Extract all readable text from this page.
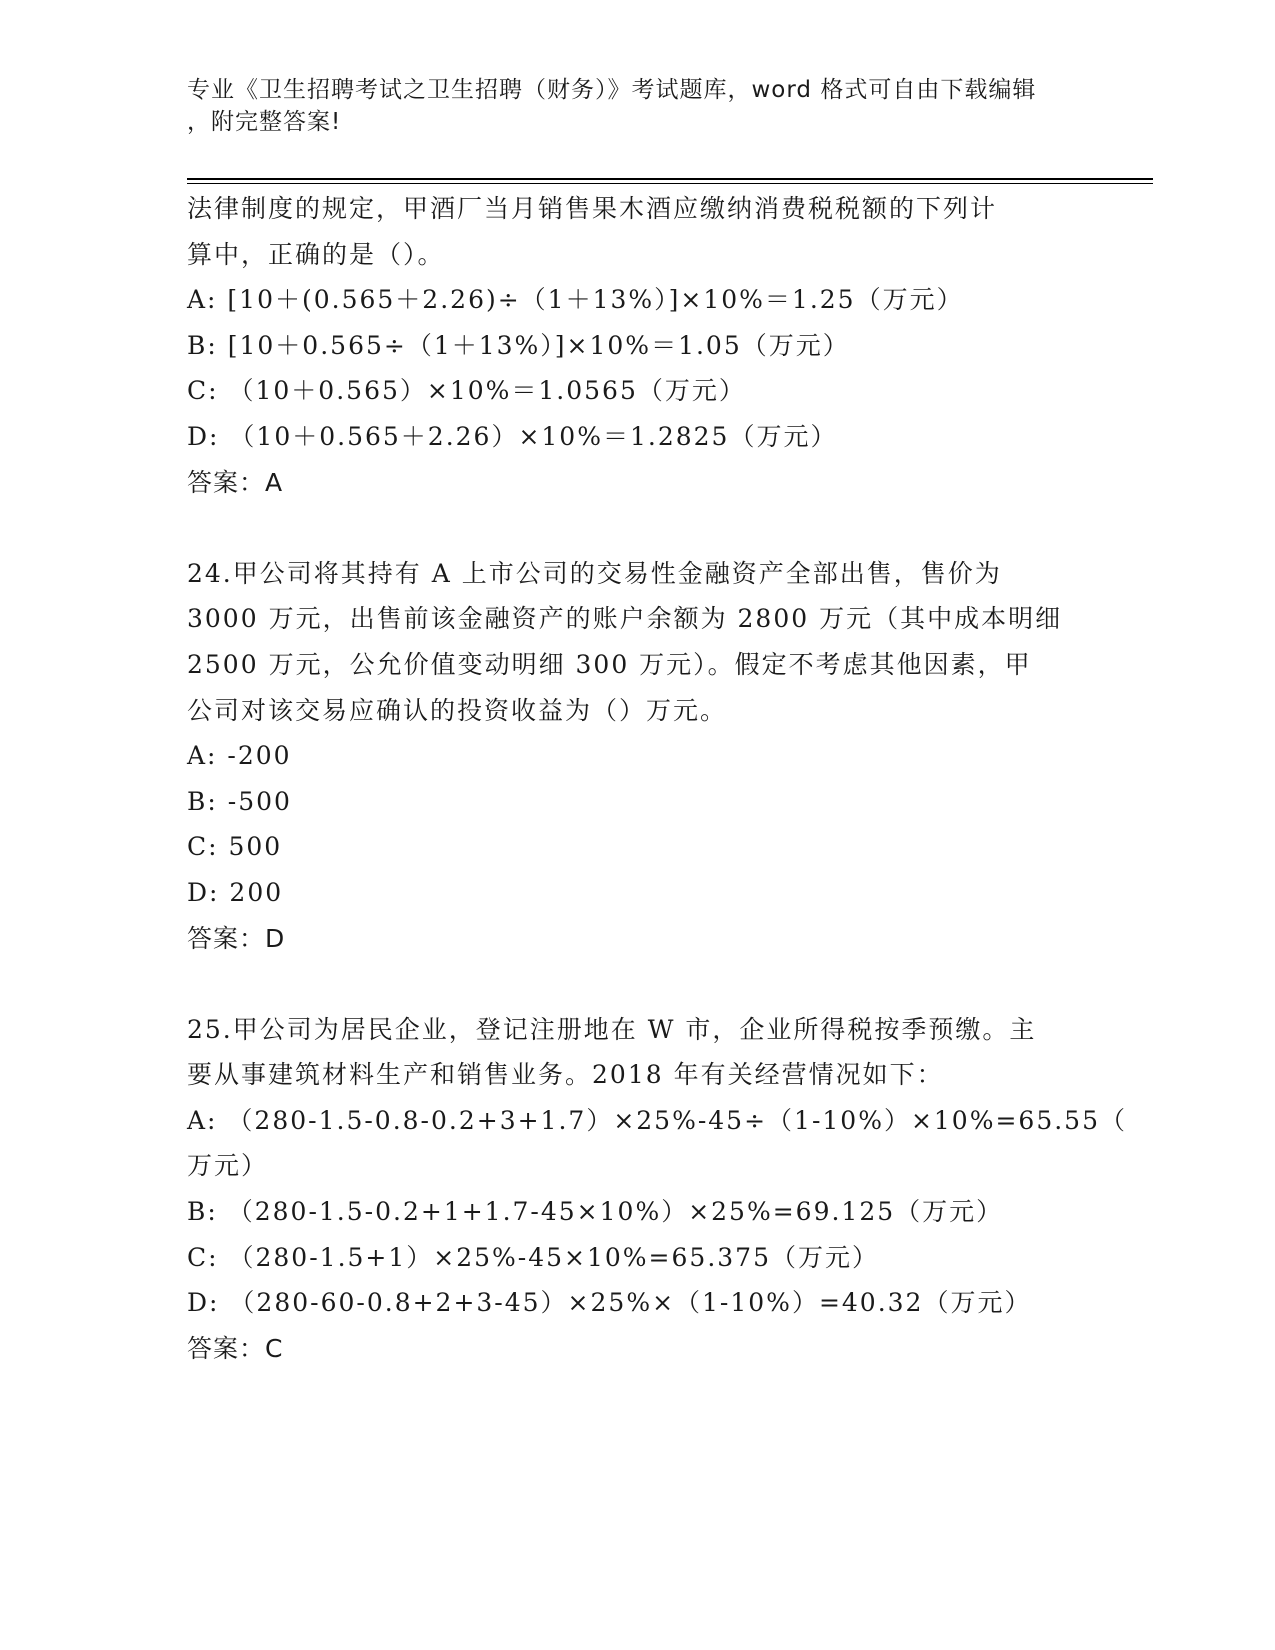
专业《卫生招聘考试之卫生招聘（财务）》考试题库，word 格式可自由下载编辑
，附完整答案!
法律制度的规定，甲酒厂当月销售果木酒应缴纳消费税税额的下列计
算中，正确的是（）。
A: [10＋(0.565＋2.26)÷（1＋13%）]×10%＝1.25（万元）
B: [10＋0.565÷（1＋13%）]×10%＝1.05（万元）
C: （10＋0.565）×10%＝1.0565（万元）
D: （10＋0.565＋2.26）×10%＝1.2825（万元）
答案：A
24.甲公司将其持有 A 上市公司的交易性金融资产全部出售，售价为
3000 万元，出售前该金融资产的账户余额为 2800 万元（其中成本明细
2500 万元，公允价值变动明细 300 万元）。假定不考虑其他因素，甲
公司对该交易应确认的投资收益为（）万元。
A: -200
B: -500
C: 500
D: 200
答案：D
25.甲公司为居民企业，登记注册地在 W 市，企业所得税按季预缴。主
要从事建筑材料生产和销售业务。2018 年有关经营情况如下：
A: （280-1.5-0.8-0.2+3+1.7）×25%-45÷（1-10%）×10%=65.55（
万元）
B: （280-1.5-0.2+1+1.7-45×10%）×25%=69.125（万元）
C: （280-1.5+1）×25%-45×10%=65.375（万元）
D: （280-60-0.8+2+3-45）×25%×（1-10%）=40.32（万元）
答案：C
